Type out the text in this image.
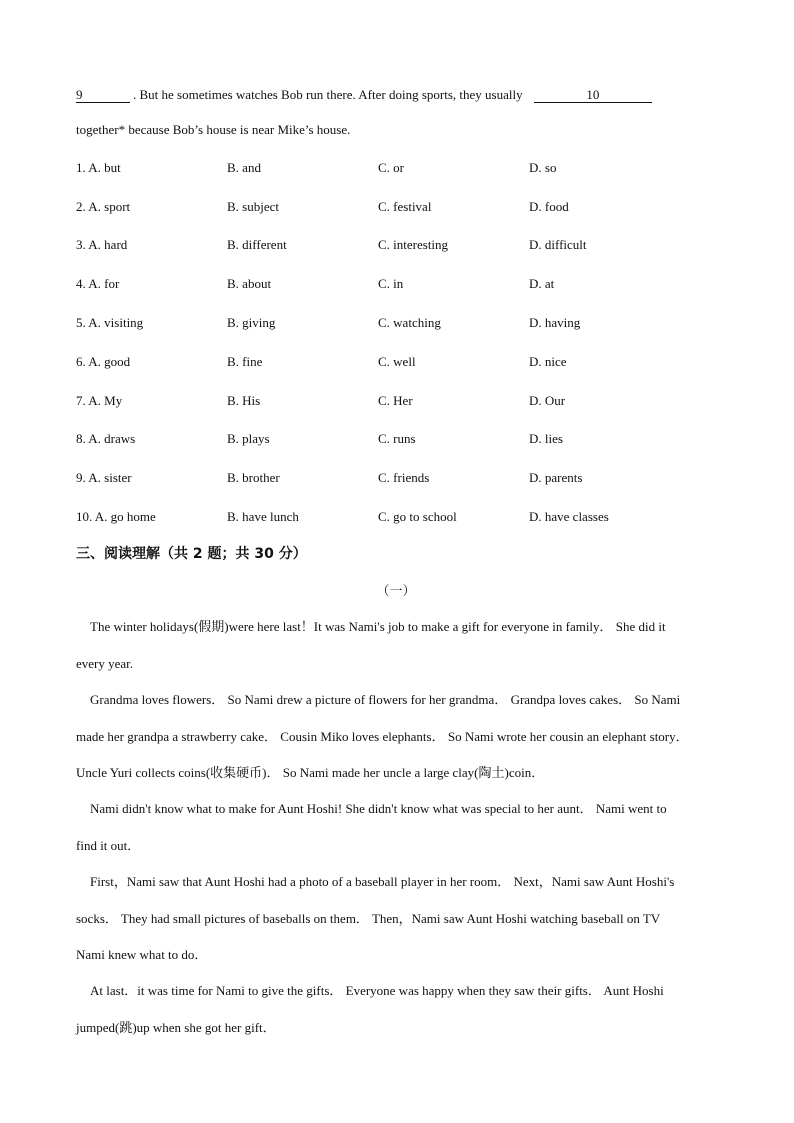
9	. But he sometimes watches Bob run there. After doing sports, they usually	10
together* because Bob’s house is near Mike’s house.
1. A. but	B. and	C. or	D. so
2. A. sport	B. subject	C. festival	D. food
3. A. hard	B. different	C. interesting	D. difficult
4. A. for	B. about	C. in	D. at
5. A. visiting	B. giving	C. watching	D. having
6. A. good	B. fine	C. well	D. nice
7. A. My	B. His	C. Her	D. Our
8. A. draws	B. plays	C. runs	D. lies
9. A. sister	B. brother	C. friends	D. parents
10. A. go home	B. have lunch	C. go to school	D. have classes
三、阅读理解（共 2 题；共 30 分）
（一）
The winter holidays(假期)were here last！It was Nami's job to make a gift for everyone in family． She did it
every year.
Grandma loves flowers． So Nami drew a picture of flowers for her grandma． Grandpa loves cakes． So Nami
made her grandpa a strawberry cake． Cousin Miko loves elephants． So Nami wrote her cousin an elephant story．
Uncle Yuri collects coins(收集硬币)． So Nami made her uncle a large clay(陶土)coin．
Nami didn't know what to make for Aunt Hoshi! She didn't know what was special to her aunt． Nami went to
find it out．
First，Nami saw that Aunt Hoshi had a photo of a baseball player in her room． Next，Nami saw Aunt Hoshi's
socks． They had small pictures of baseballs on them． Then，Nami saw Aunt Hoshi watching baseball on TV
Nami knew what to do．
At last．it was time for Nami to give the gifts． Everyone was happy when they saw their gifts． Aunt Hoshi
jumped(跳)up when she got her gift．
